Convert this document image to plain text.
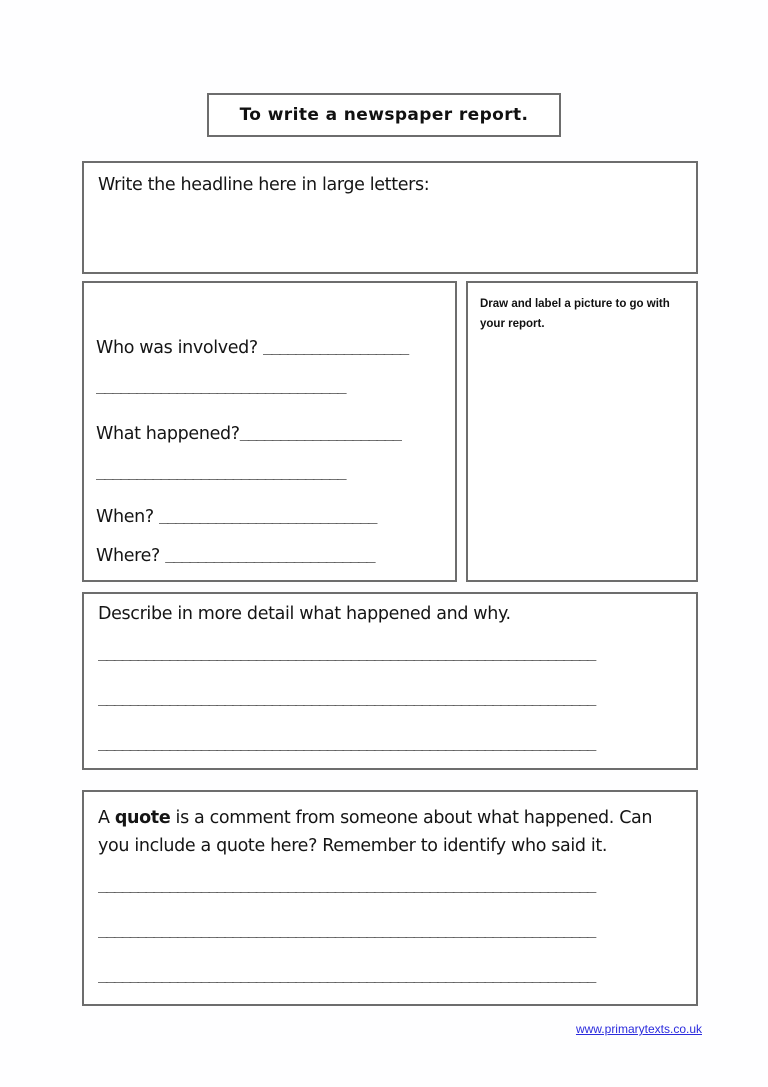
To write a newspaper report.
Write the headline here in large letters:
Who was involved? __________________
_______________________________
What happened?____________________
_______________________________
When? ___________________________
Where? __________________________
Draw and label a picture to go with your report.
Describe in more detail what happened and why.
_______________________________________________________________
_______________________________________________________________
_______________________________________________________________
A quote is a comment from someone about what happened. Can you include a quote here? Remember to identify who said it.
_______________________________________________________________
_______________________________________________________________
_______________________________________________________________
www.primarytexts.co.uk
